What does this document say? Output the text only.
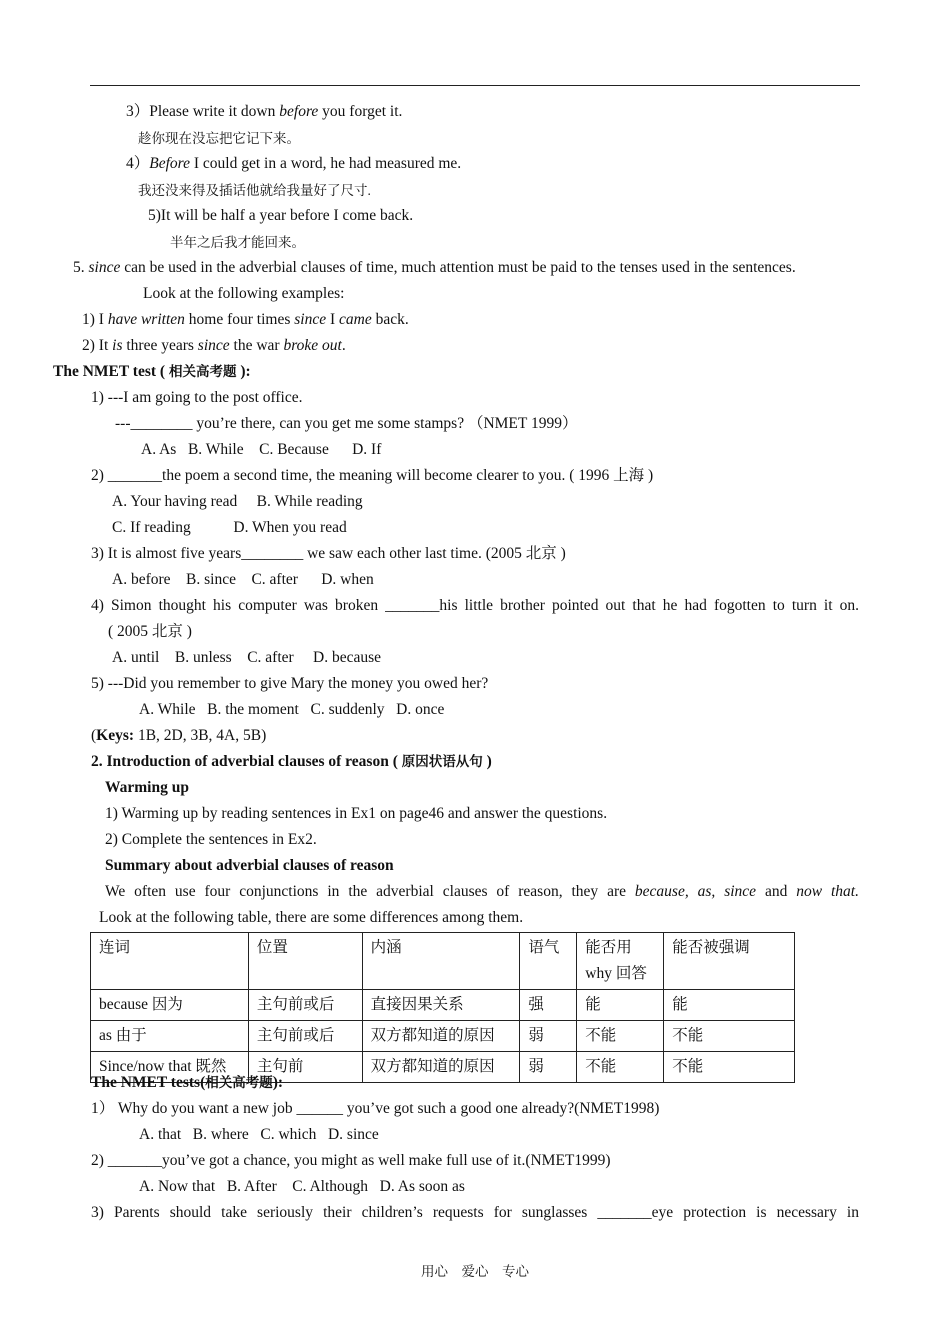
3）Please write it down before you forget it.
趁你现在没忘把它记下来。
4）Before I could get in a word, he had measured me.
我还没来得及插话他就给我量好了尺寸.
5)It will be half a year before I come back.
半年之后我才能回来。
5. since can be used in the adverbial clauses of time, much attention must be paid to the tenses used in the sentences.
Look at the following examples:
1) I have written home four times since I came back.
2) It is three years since the war broke out.
The NMET test ( 相关高考题 ):
1) ---I am going to the post office.
---________ you’re there, can you get me some stamps? （NMET 1999）
A. As   B. While    C. Because      D. If
2) _______the poem a second time, the meaning will become clearer to you. ( 1996 上海 )
A. Your having read     B. While reading
C. If reading           D. When you read
3) It is almost five years________ we saw each other last time. (2005 北京 )
A. before    B. since    C. after      D. when
4) Simon thought his computer was broken _______his little brother pointed out that he had fogotten to turn it on.
( 2005 北京 )
A. until    B. unless    C. after     D. because
5) ---Did you remember to give Mary the money you owed her?
A. While   B. the moment   C. suddenly   D. once
(Keys: 1B, 2D, 3B, 4A, 5B)
2. Introduction of adverbial clauses of reason ( 原因状语从句 )
Warming up
1) Warming up by reading sentences in Ex1 on page46 and answer the questions.
2) Complete the sentences in Ex2.
Summary about adverbial clauses of reason
We often use four conjunctions in the adverbial clauses of reason, they are because, as, since and now that.
Look at the following table, there are some differences among them.
连词	位置	内涵	语气	能否用 why 回答	能否被强调
because 因为	主句前或后	直接因果关系	强	能	能
as 由于	主句前或后	双方都知道的原因	弱	不能	不能
Since/now that 既然	主句前	双方都知道的原因	弱	不能	不能
The NMET tests(相关高考题):
1） Why do you want a new job ______ you’ve got such a good one already?(NMET1998)
A. that   B. where   C. which   D. since
2) _______you’ve got a chance, you might as well make full use of it.(NMET1999)
A. Now that   B. After    C. Although   D. As soon as
3) Parents should take seriously their children’s requests for sunglasses _______eye protection is necessary in
用心    爱心    专心
